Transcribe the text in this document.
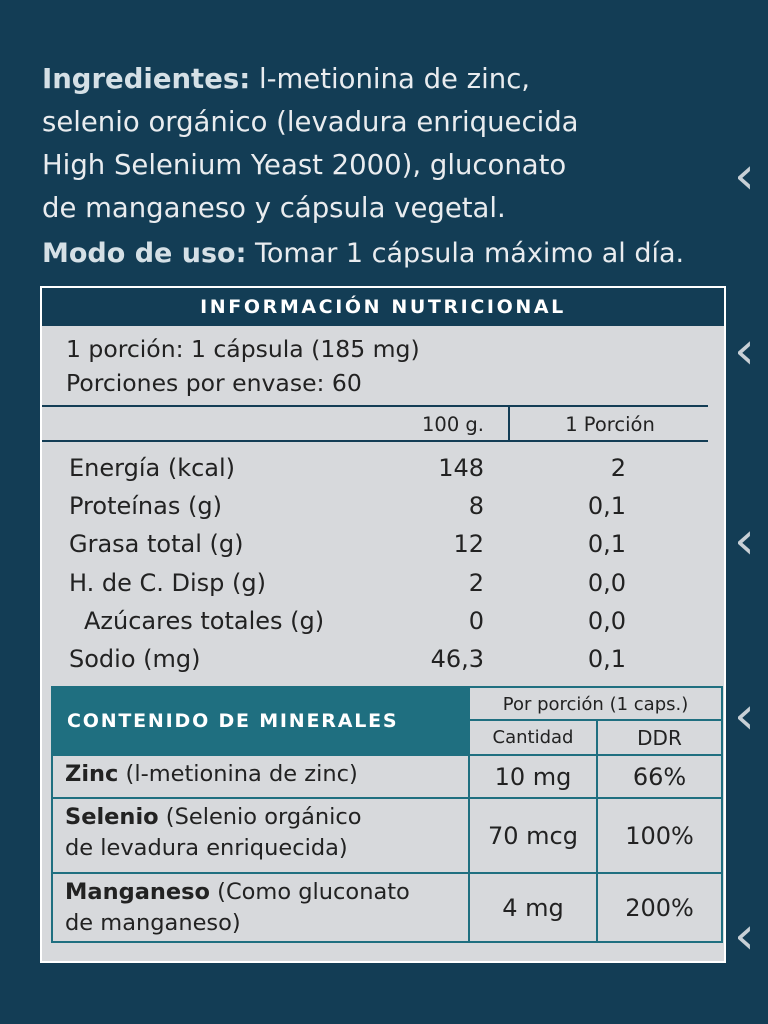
Ingredientes: l-metionina de zinc,
selenio orgánico (levadura enriquecida
High Selenium Yeast 2000), gluconato
de manganeso y cápsula vegetal.

Modo de uso: Tomar 1 cápsula máximo al día.

INFORMACIÓN NUTRICIONAL
1 porción: 1 cápsula (185 mg)
Porciones por envase: 60
100 g.	1 Porción
Energía (kcal)	148	2
Proteínas (g)	8	0,1
Grasa total (g)	12	0,1
H. de C. Disp (g)	2	0,0
Azúcares totales (g)	0	0,0
Sodio (mg)	46,3	0,1
CONTENIDO DE MINERALES
Por porción (1 caps.)
Cantidad	DDR
Zinc (l-metionina de zinc)	10 mg	66%
Selenio (Selenio orgánico
de levadura enriquecida)	70 mcg	100%
Manganeso (Como gluconato
de manganeso)
4 mg	200%
‹
‹
‹
‹
‹
